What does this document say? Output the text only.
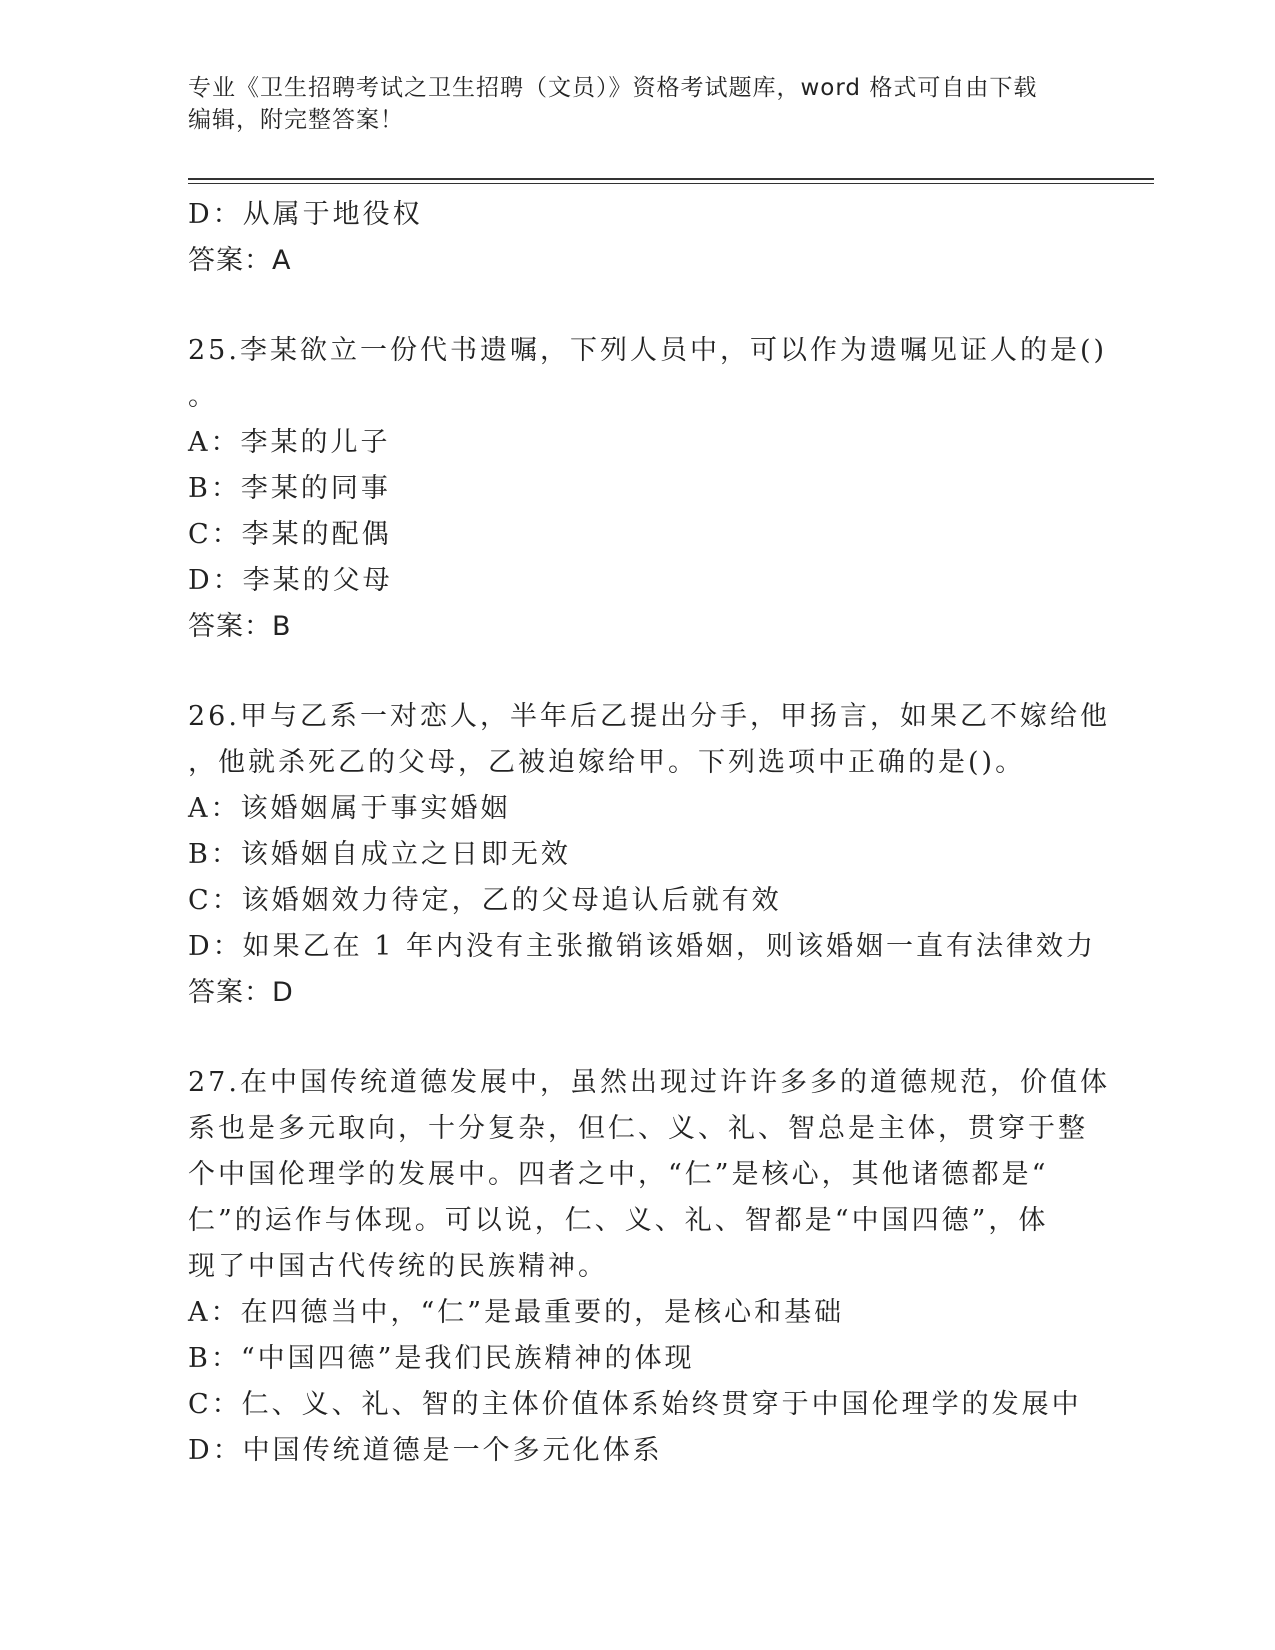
专业《卫生招聘考试之卫生招聘（文员）》资格考试题库，word 格式可自由下载
编辑，附完整答案！
D：从属于地役权
答案：A
25.李某欲立一份代书遗嘱，下列人员中，可以作为遗嘱见证人的是()
。
A：李某的儿子
B：李某的同事
C：李某的配偶
D：李某的父母
答案：B
26.甲与乙系一对恋人，半年后乙提出分手，甲扬言，如果乙不嫁给他
，他就杀死乙的父母，乙被迫嫁给甲。下列选项中正确的是()。
A：该婚姻属于事实婚姻
B：该婚姻自成立之日即无效
C：该婚姻效力待定，乙的父母追认后就有效
D：如果乙在 1 年内没有主张撤销该婚姻，则该婚姻一直有法律效力
答案：D
27.在中国传统道德发展中，虽然出现过许许多多的道德规范，价值体
系也是多元取向，十分复杂，但仁、义、礼、智总是主体，贯穿于整
个中国伦理学的发展中。四者之中，“仁”是核心，其他诸德都是“
仁”的运作与体现。可以说，仁、义、礼、智都是“中国四德”，体
现了中国古代传统的民族精神。
A：在四德当中，“仁”是最重要的，是核心和基础
B：“中国四德”是我们民族精神的体现
C：仁、义、礼、智的主体价值体系始终贯穿于中国伦理学的发展中
D：中国传统道德是一个多元化体系
